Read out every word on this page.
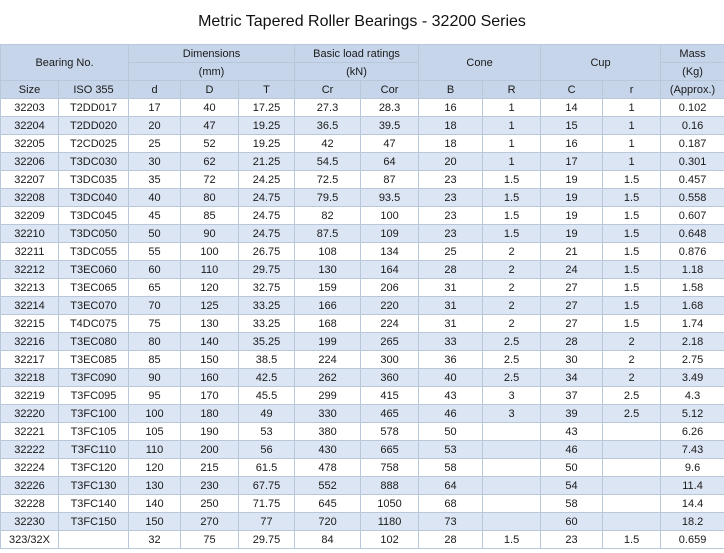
Metric Tapered Roller Bearings - 32200 Series
Bearing No.		Dimensions			Basic load ratings		Cone		Cup		Mass
		(mm)			(kN)						(Kg)
Size	ISO 355	d	D	T	Cr	Cor	B	R	C	r	(Approx.)
32203	T2DD017	17	40	17.25	27.3	28.3	16	1	14	1	0.102
32204	T2DD020	20	47	19.25	36.5	39.5	18	1	15	1	0.16
32205	T2CD025	25	52	19.25	42	47	18	1	16	1	0.187
32206	T3DC030	30	62	21.25	54.5	64	20	1	17	1	0.301
32207	T3DC035	35	72	24.25	72.5	87	23	1.5	19	1.5	0.457
32208	T3DC040	40	80	24.75	79.5	93.5	23	1.5	19	1.5	0.558
32209	T3DC045	45	85	24.75	82	100	23	1.5	19	1.5	0.607
32210	T3DC050	50	90	24.75	87.5	109	23	1.5	19	1.5	0.648
32211	T3DC055	55	100	26.75	108	134	25	2	21	1.5	0.876
32212	T3EC060	60	110	29.75	130	164	28	2	24	1.5	1.18
32213	T3EC065	65	120	32.75	159	206	31	2	27	1.5	1.58
32214	T3EC070	70	125	33.25	166	220	31	2	27	1.5	1.68
32215	T4DC075	75	130	33.25	168	224	31	2	27	1.5	1.74
32216	T3EC080	80	140	35.25	199	265	33	2.5	28	2	2.18
32217	T3EC085	85	150	38.5	224	300	36	2.5	30	2	2.75
32218	T3FC090	90	160	42.5	262	360	40	2.5	34	2	3.49
32219	T3FC095	95	170	45.5	299	415	43	3	37	2.5	4.3
32220	T3FC100	100	180	49	330	465	46	3	39	2.5	5.12
32221	T3FC105	105	190	53	380	578	50		43		6.26
32222	T3FC110	110	200	56	430	665	53		46		7.43
32224	T3FC120	120	215	61.5	478	758	58		50		9.6
32226	T3FC130	130	230	67.75	552	888	64		54		11.4
32228	T3FC140	140	250	71.75	645	1050	68		58		14.4
32230	T3FC150	150	270	77	720	1180	73		60		18.2
323/32X		32	75	29.75	84	102	28	1.5	23	1.5	0.659
